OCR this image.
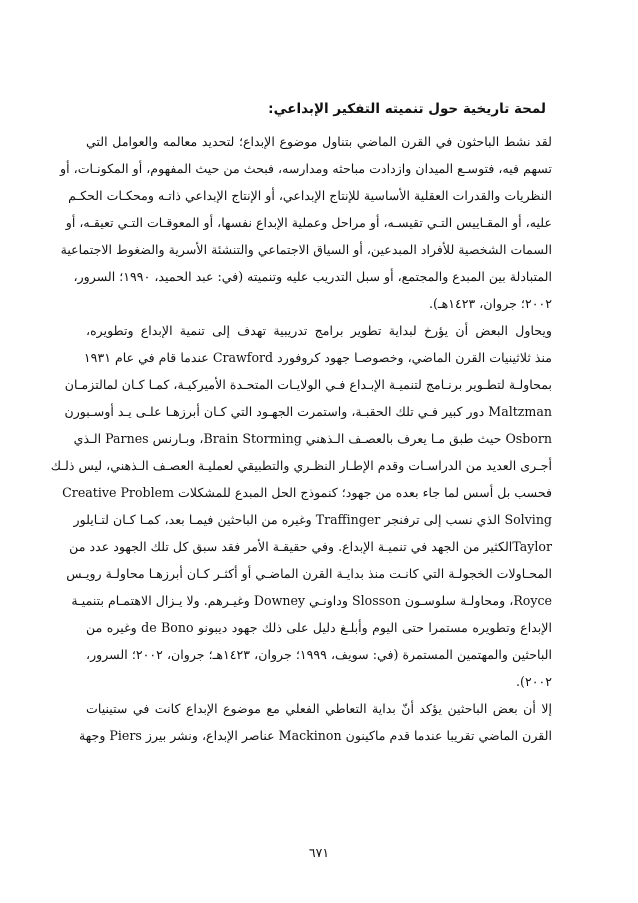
لمحة تاريخية حول تنميته التفكير الإبداعي:
لقد نشط الباحثون في القرن الماضي بتناول موضوع الإبداع؛ لتحديد معالمه والعوامل التي
تسهم فيه، فتوسـع الميدان وازدادت مباحثه ومدارسه، فبحث من حيث المفهوم، أو المكونـات، أو
النظريات والقدرات العقلية الأساسية للإنتاج الإبداعي، أو الإنتاج الإبداعي ذاتـه ومحكـات الحكـم
عليه، أو المقـاييس التـي تقيسـه، أو مراحل وعملية الإبداع نفسها، أو المعوقـات التـي تعيقـه، أو
السمات الشخصية للأفراد المبدعين، أو السياق الاجتماعي والتنشئة الأسرية والضغوط الاجتماعية
المتبادلة بين المبدع والمجتمع، أو سبل التدريب عليه وتنميته (في: عبد الحميد، ١٩٩٠؛ السرور،
٢٠٠٢؛ جروان، ١٤٢٣هـ).
ويحاول البعض أن يؤرخ لبداية تطوير برامج تدريبية تهدف إلى تنمية الإبداع وتطويره،
منذ ثلاثينيات القرن الماضي، وخصوصـا جهود كروفورد Crawford عندما قام في عام ١٩٣١
بمحاولـة لتطـوير برنـامج لتنميـة الإبـداع فـي الولايـات المتحـدة الأميركيـة، كمـا كـان لمالتزمـان
Maltzman دور كبير فـي تلك الحقبـة، واستمرت الجهـود التي كـان أبرزهـا علـى يـد أوسـبورن
Osborn حيث طبق مـا يعرف بالعصـف الـذهني Brain Storming، وبـارنس Parnes الـذي
أجـرى العديد من الدراسـات وقدم الإطـار النظـري والتطبيقي لعمليـة العصـف الـذهني، ليس ذلـك
فحسب بل أسس لما جاء بعده من جهود؛ كنموذج الحل المبدع للمشكلات Creative Problem
Solving الذي نسب إلى ترفنجر Traffinger وغيره من الباحثين فيمـا بعد، كمـا كـان لتـايلور
Taylorالكثير من الجهد في تنميـة الإبداع. وفي حقيقـة الأمر فقد سبق كل تلك الجهود عدد من
المحـاولات الخجولـة التي كانـت منذ بدايـة القرن الماضـي أو أكثـر كـان أبرزهـا محاولـة رويـس
Royce، ومحاولـة سلوسـون Slosson وداونـي Downey وغيـرهم. ولا يـزال الاهتمـام بتنميـة
الإبداع وتطويره مستمرا حتى اليوم وأبلـغ دليل على ذلك جهود ديبونو de Bono وغيره من
الباحثين والمهتمين المستمرة (في: سويف، ١٩٩٩؛ جروان، ١٤٢٣هـ؛ جروان، ٢٠٠٢؛ السرور،
٢٠٠٢).
إلا أن بعض الباحثين يؤكد أنّ بداية التعاطي الفعلي مع موضوع الإبداع كانت في ستينيات
القرن الماضي تقريبا عندما قدم ماكينون Mackinon عناصر الإبداع، ونشر بيرز Piers وجهة
٦٧١
